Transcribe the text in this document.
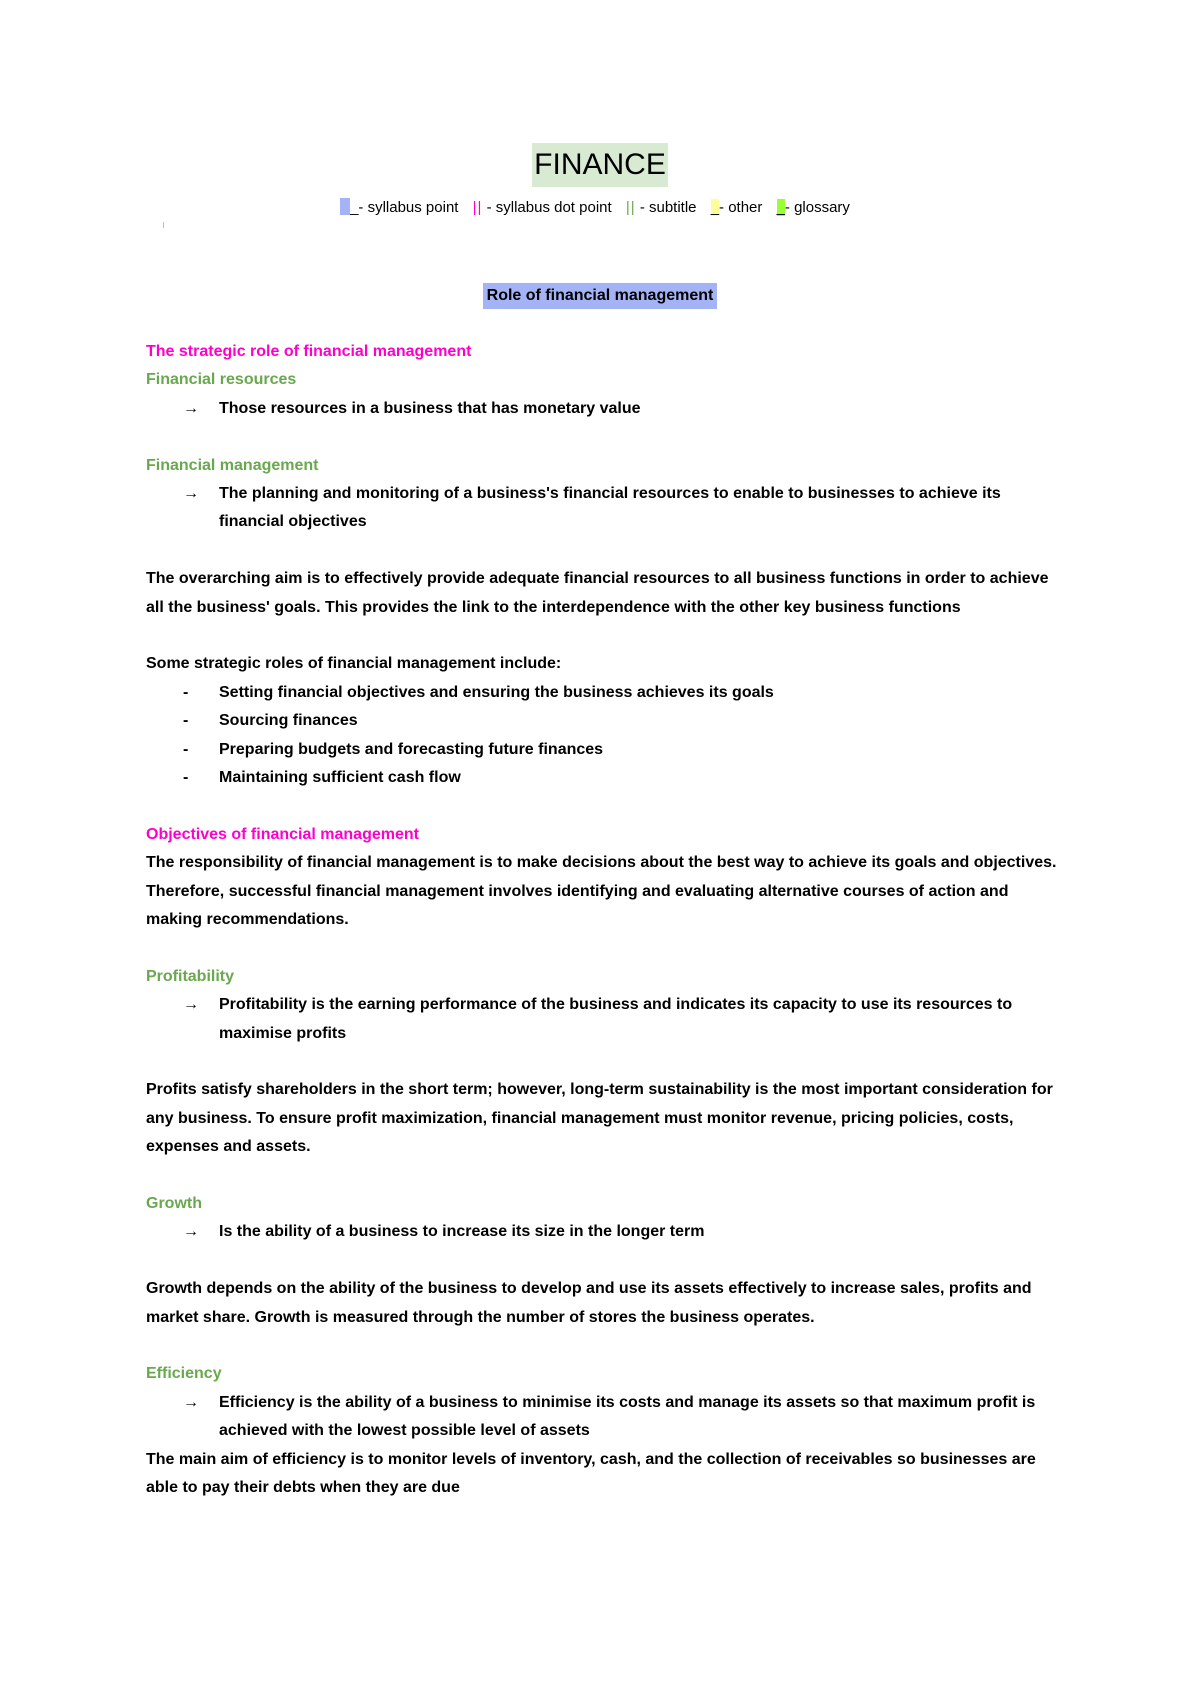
FINANCE
_- syllabus point || - syllabus dot point || - subtitle _- other _- glossary
Role of financial management

The strategic role of financial management

Financial resources

→ Those resources in a business that has monetary value

Financial management

→ The planning and monitoring of a business's financial resources to enable to businesses to achieve its financial objectives

The overarching aim is to effectively provide adequate financial resources to all business functions in order to achieve all the business' goals. This provides the link to the interdependence with the other key business functions

Some strategic roles of financial management include:

- Setting financial objectives and ensuring the business achieves its goals

- Sourcing finances

- Preparing budgets and forecasting future finances

- Maintaining sufficient cash flow

Objectives of financial management

The responsibility of financial management is to make decisions about the best way to achieve its goals and objectives. Therefore, successful financial management involves identifying and evaluating alternative courses of action and making recommendations.

Profitability

→ Profitability is the earning performance of the business and indicates its capacity to use its resources to maximise profits

Profits satisfy shareholders in the short term; however, long-term sustainability is the most important consideration for any business. To ensure profit maximization, financial management must monitor revenue, pricing policies, costs, expenses and assets.

Growth

→ Is the ability of a business to increase its size in the longer term

Growth depends on the ability of the business to develop and use its assets effectively to increase sales, profits and market share. Growth is measured through the number of stores the business operates.

Efficiency

→ Efficiency is the ability of a business to minimise its costs and manage its assets so that maximum profit is achieved with the lowest possible level of assets

The main aim of efficiency is to monitor levels of inventory, cash, and the collection of receivables so businesses are able to pay their debts when they are due
